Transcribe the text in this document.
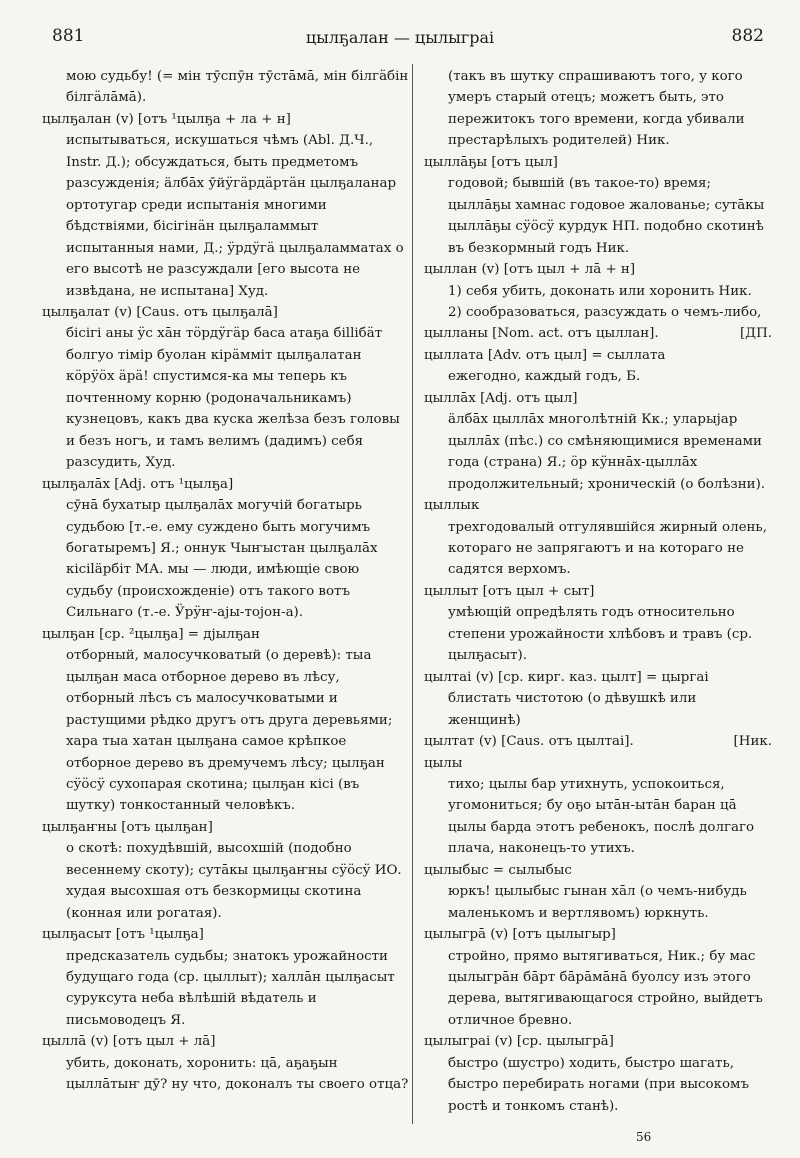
881	цылҕалан — цылыграі	882

мою судьбу! (= мін тӯспӯн тӯстāмā, мін бiлгӓбін бiлгӓлāмā).

цылҕалан (v) [отъ ¹цылҕа + ла + н]

испытываться, искушаться чѣмъ (Abl. Д.Ч., Instr. Д.); обсуждаться, быть предметомъ разсужденія; äлбāх ӯйӱгӓрдӓртӓн цылҕаланар ортотугар среди испытанія многими бѣдствіями, бісігінӓн цылҕаламмыт испытанныя нами, Д.; ӱрдӱгӓ цылҕаламматах о его высотѣ не разсуждали [его высота не извѣдана, не испытана] Худ.

цылҕалат (v) [Caus. отъ цылҕалā]

бісігі аны ӱс хāн тӧрдӱгӓр баса атаҕа біllібӓт болгуо тімір буолан кірӓмміт цылҕалатан кӧрӱӧх ӓрӓ! спустимся-ка мы теперь къ почтенному корню (родоначальникамъ) кузнецовъ, какъ два куска желѣза безъ головы и безъ ногъ, и тамъ велимъ (дадимъ) себя разсудить, Худ.

цылҕалāх [Adj. отъ ¹цылҕа]

сӯнā бухатыр цылҕалāх могучій богатырь судьбою [т.-е. ему суждено быть могучимъ богатыремъ] Я.; оннук Чыҥыстан цылҕалāх кісіläрбіт МА. мы — люди, имѣющіе свою судьбу (происхожденіе) отъ такого вотъ Сильнаго (т.-е. Ӱрӱҥ-ajы-тојон-а).

цылҕан [ср. ²цылҕа] = дјылҕан

отборный, малосучковатый (о деревѣ): тыа цылҕан маса отборное дерево въ лѣсу, отборный лѣсъ съ малосучковатыми и растущими рѣдко другъ отъ друга деревьями; хара тыа хатан цылҕана самое крѣпкое отборное дерево въ дремучемъ лѣсу; цылҕан сӱӧсӱ сухопарая скотина; цылҕан кісі (въ шутку) тонкостанный человѣкъ.

цылҕаҥны [отъ цылҕан]

о скотѣ: похудѣвшій, высохшій (подобно весеннему скоту); сутāкы цылҕаҥны сӱӧсӱ ИО. худая высохшая отъ безкормицы скотина (конная или рогатая).

цылҕасыт [отъ ¹цылҕа]

предсказатель судьбы; знатокъ урожайности будущаго года (ср. цыллыт); халлāн цылҕасыт сурукcута неба вѣлѣшій вѣдатель и письмоводецъ Я.

цыллā (v) [отъ цыл + лā]

убить, доконать, хоронить: цā, аҕаҕын цыллāтыҥ дӯ? ну что, доконалъ ты своего отца?

(такъ въ шутку спрашиваютъ того, у кого умеръ старый отецъ; можетъ быть, это пережитокъ того времени, когда убивали престарѣлыхъ родителей) Ник.

цыллāҕы [отъ цыл]

годовой; бывшій (въ такое-то) время; цыллāҕы хамнас годовое жалованье; сутāкы цыллāҕы сӱӧсӱ курдук НП. подобно скотинѣ въ безкормный годъ Ник.

цыллан (v) [отъ цыл + лā + н]

1) себя убить, доконать или хоронить Ник.

2) сообразоваться, разсуждать о чемъ-либо,

цылланы [Nom. act. отъ цыллан].	[ДП.

цыллата [Adv. отъ цыл] = сыллата

ежегодно, каждый годъ, Б.

цыллāх [Adj. отъ цыл]

äлбāх цыллāх многолѣтній Кк.; уларыјар цыллāх (пѣс.) со смѣняющимися временами года (страна) Я.; ӧр кӱннāх-цыллāх продолжительный; хроническій (о болѣзни).

цыллык

трехгодовалый отгулявшійся жирный олень, котораго не запрягаютъ и на котораго не садятся верхомъ.

цыллыт [отъ цыл + сыт]

умѣющій опредѣлять годъ относительно степени урожайности хлѣбовъ и травъ (ср. цылҕасыт).

цылтаі (v) [ср. кирг. каз. цылт] = цыргаі

блистать чистотою (о дѣвушкѣ или женщинѣ)

цылтат (v) [Caus. отъ цылтаі].	[Ник.

цылы

тихо; цылы бар утихнуть, успокоиться, угомониться; бу оҕо ытāн-ытāн баран цā цылы барда этотъ ребенокъ, послѣ долгаго плача, наконецъ-то утихъ.

цылыбыс = сылыбыс

юркъ! цылыбыс гынан хāл (о чемъ-нибудь маленькомъ и вертлявомъ) юркнуть.

цылыгрā (v) [отъ цылыгыр]

стройно, прямо вытягиваться, Ник.; бу мас цылыгрāн бāрт бāрāмāнā буолсу изъ этого дерева, вытягивающагося стройно, выйдетъ отличное бревно.

цылыграі (v) [ср. цылыгрā]

быстро (шустро) ходить, быстро шагать, быстро перебирать ногами (при высокомъ ростѣ и тонкомъ станѣ).

56
